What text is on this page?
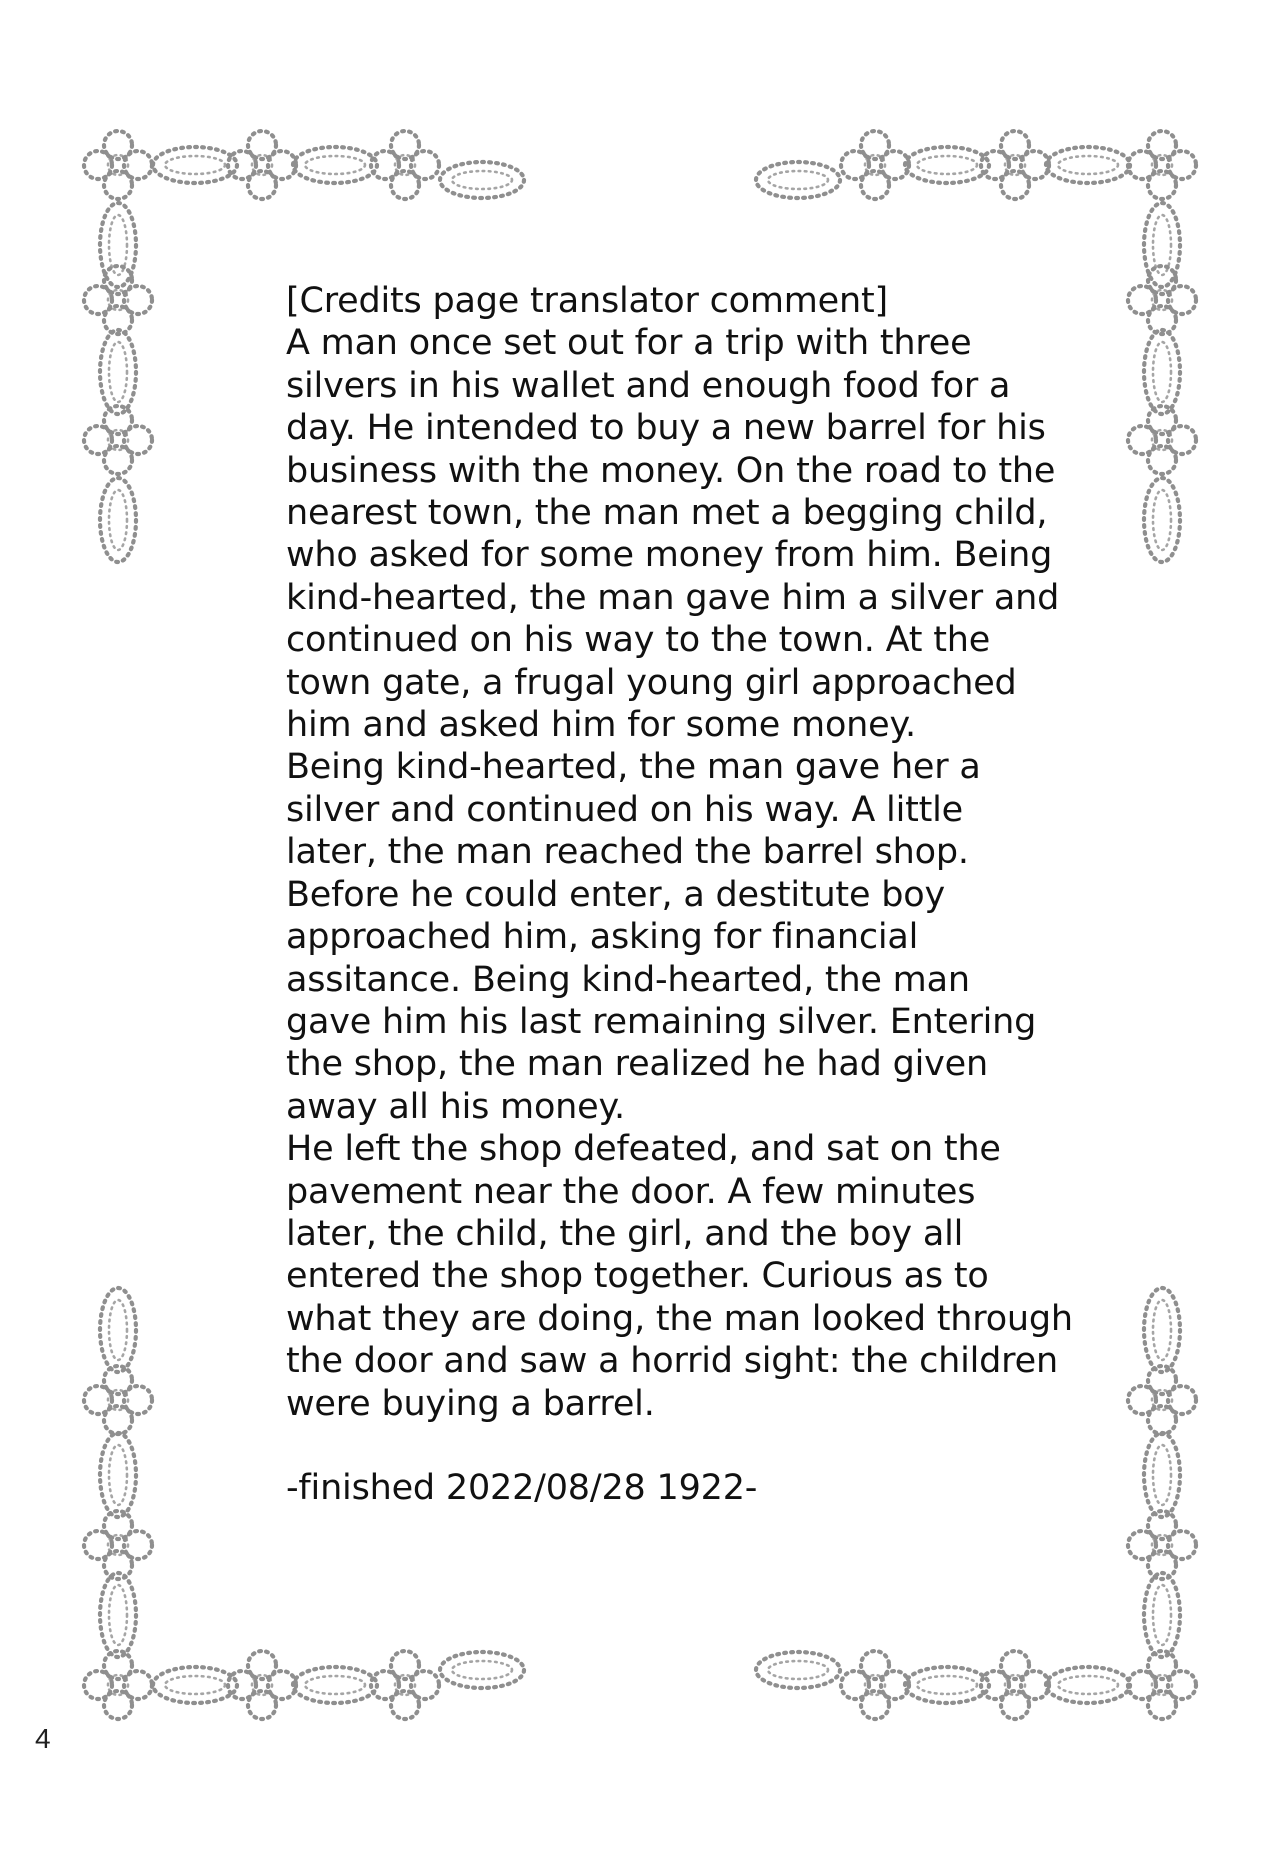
[Credits page translator comment]
A man once set out for a trip with three
silvers in his wallet and enough food for a
day. He intended to buy a new barrel for his
business with the money. On the road to the
nearest town, the man met a begging child,
who asked for some money from him. Being
kind-hearted, the man gave him a silver and
continued on his way to the town. At the
town gate, a frugal young girl approached
him and asked him for some money.
Being kind-hearted, the man gave her a
silver and continued on his way. A little
later, the man reached the barrel shop.
Before he could enter, a destitute boy
approached him, asking for financial
assitance. Being kind-hearted, the man
gave him his last remaining silver. Entering
the shop, the man realized he had given
away all his money.
He left the shop defeated, and sat on the
pavement near the door. A few minutes
later, the child, the girl, and the boy all
entered the shop together. Curious as to
what they are doing, the man looked through
the door and saw a horrid sight: the children
were buying a barrel.
-finished 2022/08/28 1922-
4
